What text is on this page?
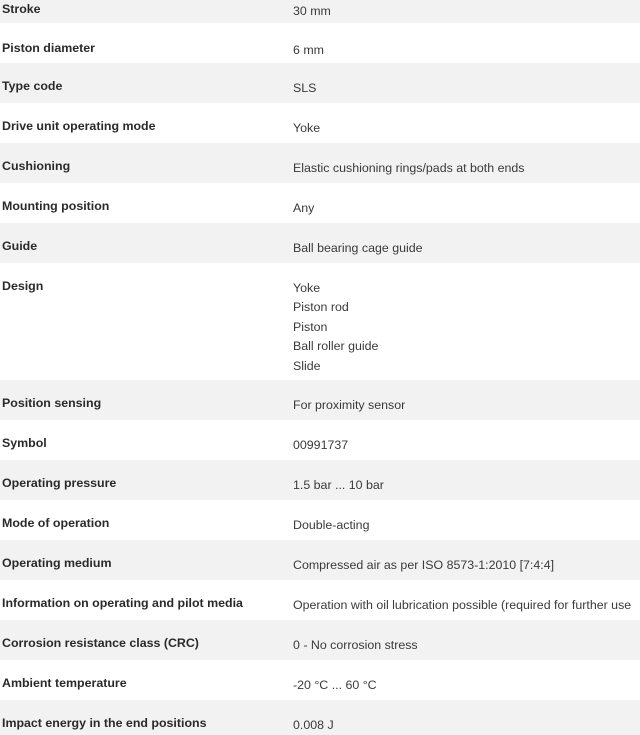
Stroke	30 mm
Piston diameter	6 mm
Type code	SLS
Drive unit operating mode	Yoke
Cushioning	Elastic cushioning rings/pads at both ends
Mounting position	Any
Guide	Ball bearing cage guide
Design	Yoke
Piston rod
Piston
Ball roller guide
Slide
Position sensing	For proximity sensor
Symbol	00991737
Operating pressure	1.5 bar ... 10 bar
Mode of operation	Double-acting
Operating medium	Compressed air as per ISO 8573-1:2010 [7:4:4]
Information on operating and pilot media	Operation with oil lubrication possible (required for further use
Corrosion resistance class (CRC)	0 - No corrosion stress
Ambient temperature	-20 °C ... 60 °C
Impact energy in the end positions	0.008 J
